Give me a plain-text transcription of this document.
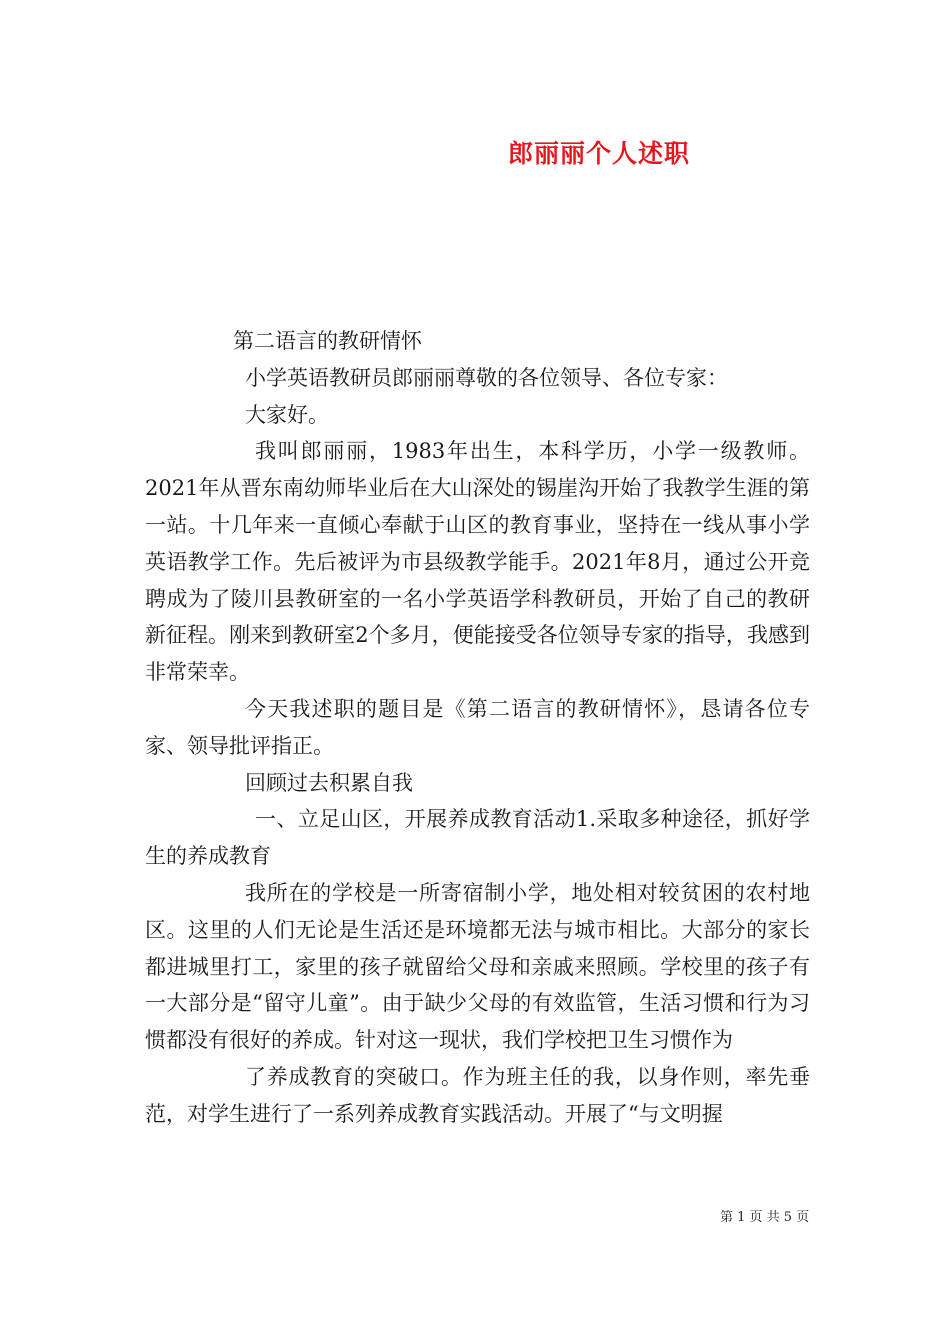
郎丽丽个人述职

第二语言的教研情怀

小学英语教研员郎丽丽尊敬的各位领导、各位专家：

大家好。

我叫郎丽丽，1983年出生，本科学历，小学一级教师。2021年从晋东南幼师毕业后在大山深处的锡崖沟开始了我教学生涯的第一站。十几年来一直倾心奉献于山区的教育事业，坚持在一线从事小学英语教学工作。先后被评为市县级教学能手。2021年8月，通过公开竞聘成为了陵川县教研室的一名小学英语学科教研员，开始了自己的教研新征程。刚来到教研室2个多月，便能接受各位领导专家的指导，我感到非常荣幸。

今天我述职的题目是《第二语言的教研情怀》，恳请各位专家、领导批评指正。

回顾过去积累自我

一、立足山区，开展养成教育活动1.采取多种途径，抓好学生的养成教育

我所在的学校是一所寄宿制小学，地处相对较贫困的农村地区。这里的人们无论是生活还是环境都无法与城市相比。大部分的家长都进城里打工，家里的孩子就留给父母和亲戚来照顾。学校里的孩子有一大部分是“留守儿童”。由于缺少父母的有效监管，生活习惯和行为习惯都没有很好的养成。针对这一现状，我们学校把卫生习惯作为

了养成教育的突破口。作为班主任的我，以身作则，率先垂范，对学生进行了一系列养成教育实践活动。开展了“与文明握

第 1 页 共 5 页
